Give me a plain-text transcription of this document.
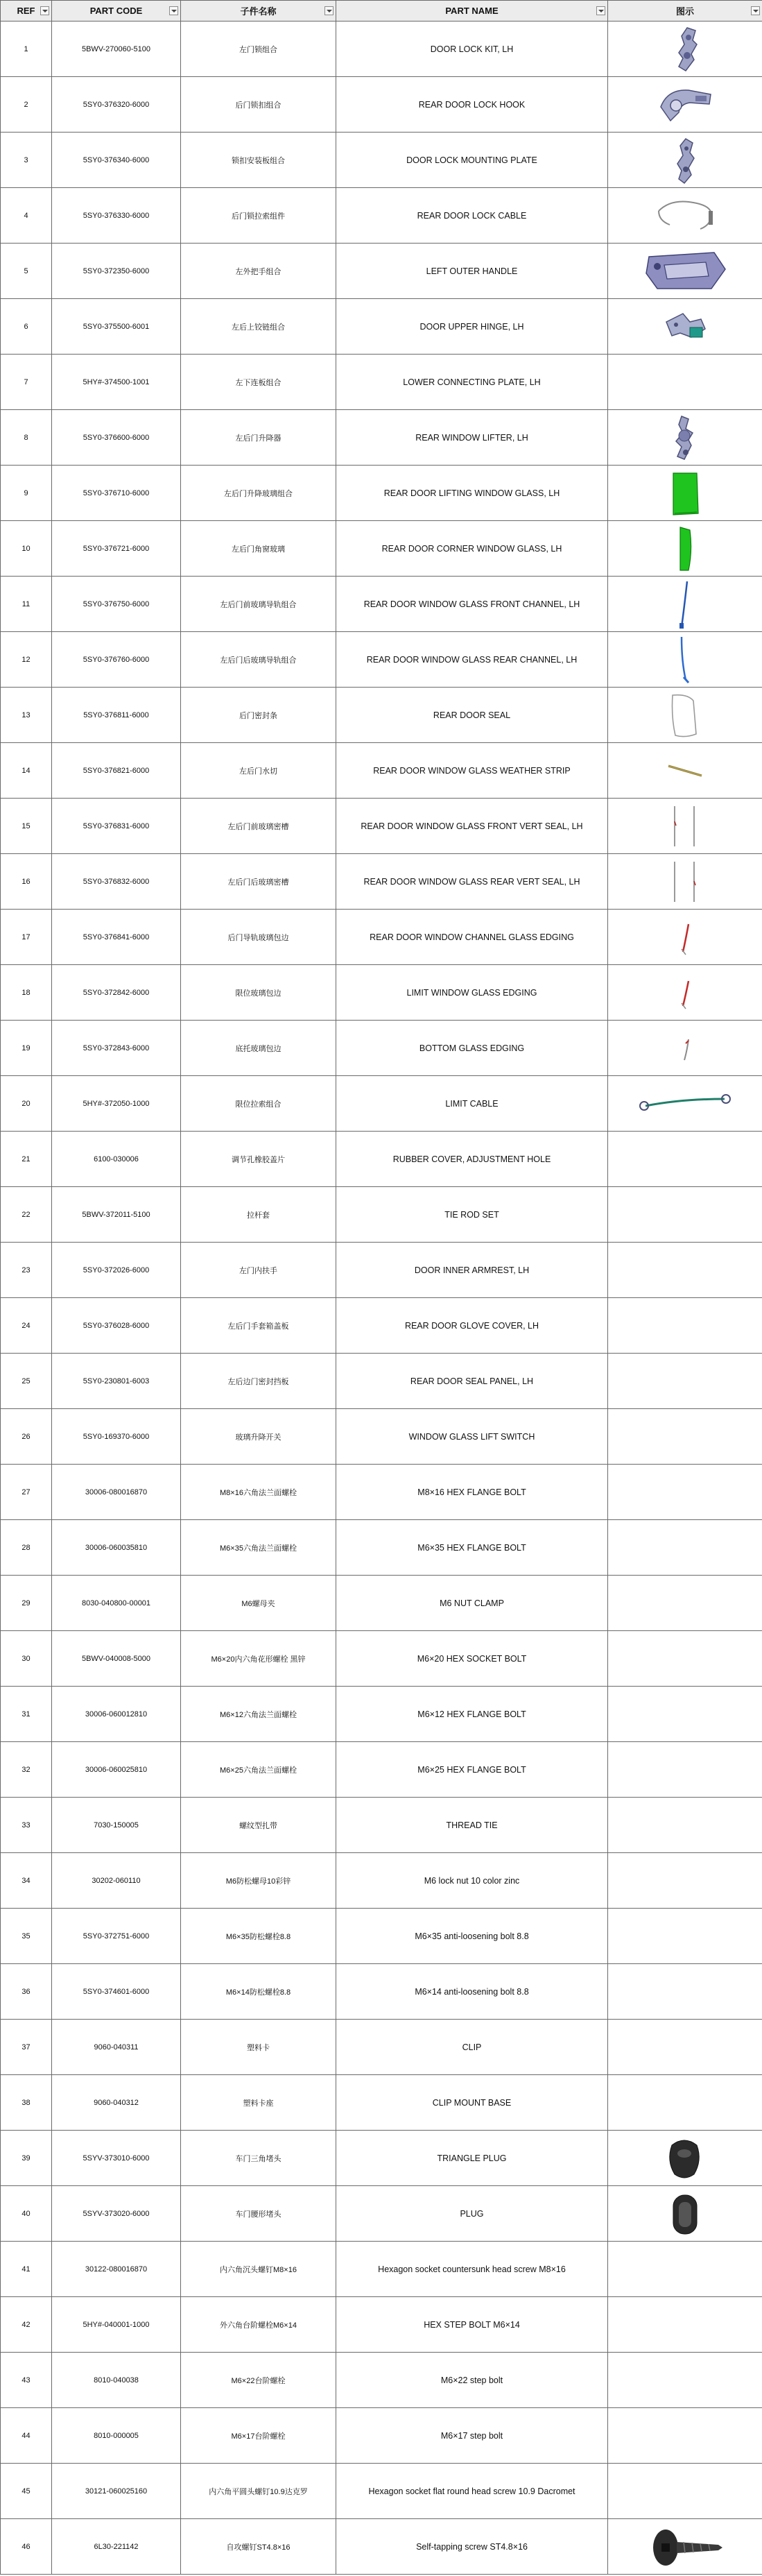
REF	PART CODE	子件名称	PART NAME	图示

1	5BWV-270060-5100	左门锁组合	DOOR LOCK KIT, LH	

2	5SY0-376320-6000	后门锁扣组合	REAR DOOR LOCK HOOK	

3	5SY0-376340-6000	锁扣安装板组合	DOOR LOCK MOUNTING PLATE	

4	5SY0-376330-6000	后门锁拉索组件	REAR DOOR LOCK CABLE	

5	5SY0-372350-6000	左外把手组合	LEFT OUTER HANDLE	

6	5SY0-375500-6001	左后上铰链组合	DOOR UPPER HINGE, LH	

7	5HY#-374500-1001	左下连板组合	LOWER CONNECTING PLATE, LH	
8	5SY0-376600-6000	左后门升降器	REAR WINDOW LIFTER, LH	

9	5SY0-376710-6000	左后门升降玻璃组合	REAR DOOR LIFTING WINDOW GLASS, LH	

10	5SY0-376721-6000	左后门角窗玻璃	REAR DOOR CORNER WINDOW GLASS, LH	

11	5SY0-376750-6000	左后门前玻璃导轨组合	REAR DOOR WINDOW GLASS FRONT CHANNEL, LH	

12	5SY0-376760-6000	左后门后玻璃导轨组合	REAR DOOR WINDOW GLASS REAR CHANNEL, LH	

13	5SY0-376811-6000	后门密封条	REAR DOOR SEAL	

14	5SY0-376821-6000	左后门水切	REAR DOOR WINDOW GLASS WEATHER STRIP	

15	5SY0-376831-6000	左后门前玻璃密槽	REAR DOOR WINDOW GLASS FRONT VERT SEAL, LH	

16	5SY0-376832-6000	左后门后玻璃密槽	REAR DOOR WINDOW GLASS REAR VERT SEAL, LH	

17	5SY0-376841-6000	后门导轨玻璃包边	REAR DOOR WINDOW CHANNEL GLASS EDGING	

18	5SY0-372842-6000	限位玻璃包边	LIMIT WINDOW GLASS EDGING	

19	5SY0-372843-6000	底托玻璃包边	BOTTOM GLASS EDGING	

20	5HY#-372050-1000	限位拉索组合	LIMIT CABLE	

21	6100-030006	调节孔橡胶盖片	RUBBER COVER, ADJUSTMENT HOLE	
22	5BWV-372011-5100	拉杆套	TIE ROD SET	
23	5SY0-372026-6000	左门内扶手	DOOR INNER ARMREST, LH	
24	5SY0-376028-6000	左后门手套箱盖板	REAR DOOR GLOVE COVER, LH	
25	5SY0-230801-6003	左后边门密封挡板	REAR DOOR SEAL PANEL, LH	
26	5SY0-169370-6000	玻璃升降开关	WINDOW GLASS LIFT SWITCH	
27	30006-080016870	M8×16六角法兰面螺栓	M8×16 HEX FLANGE BOLT	
28	30006-060035810	M6×35六角法兰面螺栓	M6×35 HEX FLANGE BOLT	
29	8030-040800-00001	M6螺母夹	M6 NUT CLAMP	
30	5BWV-040008-5000	M6×20内六角花形螺栓 黑锌	M6×20 HEX SOCKET BOLT	
31	30006-060012810	M6×12六角法兰面螺栓	M6×12 HEX FLANGE BOLT	
32	30006-060025810	M6×25六角法兰面螺栓	M6×25 HEX FLANGE BOLT	
33	7030-150005	螺纹型扎带	THREAD TIE	
34	30202-060110	M6防松螺母10彩锌	M6 lock nut 10 color zinc	
35	5SY0-372751-6000	M6×35防松螺栓8.8	M6×35 anti-loosening bolt 8.8	
36	5SY0-374601-6000	M6×14防松螺栓8.8	M6×14 anti-loosening bolt 8.8	
37	9060-040311	塑料卡	CLIP	
38	9060-040312	塑料卡座	CLIP MOUNT BASE	
39	5SYV-373010-6000	车门三角堵头	TRIANGLE PLUG	

40	5SYV-373020-6000	车门腰形堵头	PLUG	

41	30122-080016870	内六角沉头螺钉M8×16	Hexagon socket countersunk head screw M8×16	
42	5HY#-040001-1000	外六角台阶螺栓M6×14	HEX STEP BOLT M6×14	
43	8010-040038	M6×22台阶螺栓	M6×22 step bolt	
44	8010-000005	M6×17台阶螺栓	M6×17 step bolt	
45	30121-060025160	内六角平圆头螺钉10.9达克罗	Hexagon socket flat round head screw 10.9 Dacromet	
46	6L30-221142	自攻螺钉ST4.8×16	Self-tapping screw ST4.8×16	
